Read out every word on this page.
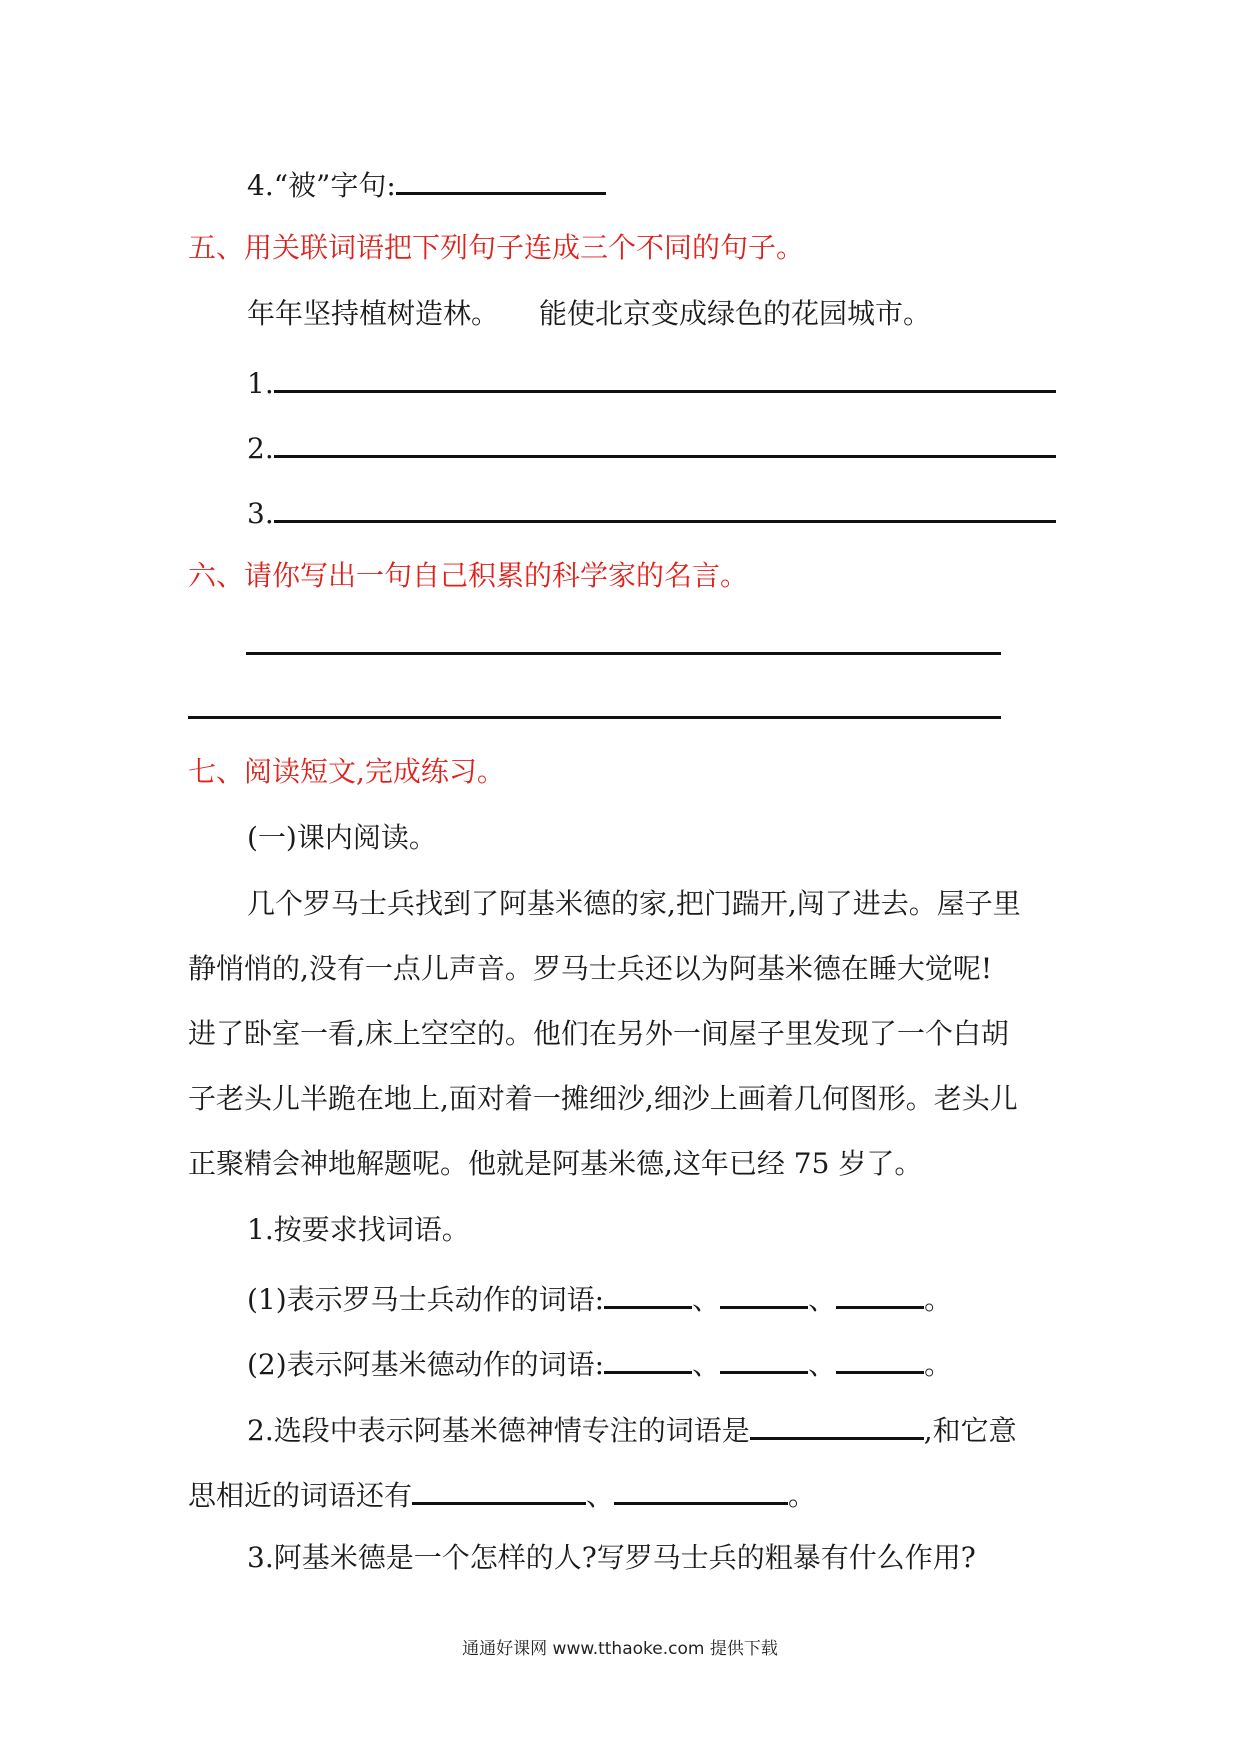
4.“被”字句:
五、用关联词语把下列句子连成三个不同的句子。
年年坚持植树造林。 能使北京变成绿色的花园城市。
1.
2.
3.
六、请你写出一句自己积累的科学家的名言。
七、阅读短文,完成练习。
(一)课内阅读。
几个罗马士兵找到了阿基米德的家,把门踹开,闯了进去。屋子里
静悄悄的,没有一点儿声音。罗马士兵还以为阿基米德在睡大觉呢!
进了卧室一看,床上空空的。他们在另外一间屋子里发现了一个白胡
子老头儿半跪在地上,面对着一摊细沙,细沙上画着几何图形。老头儿
正聚精会神地解题呢。他就是阿基米德,这年已经 75 岁了。
1.按要求找词语。
(1)表示罗马士兵动作的词语:	、	、	。
(2)表示阿基米德动作的词语:	、	、	。
2.选段中表示阿基米德神情专注的词语是	,和它意
思相近的词语还有	、	。
3.阿基米德是一个怎样的人?写罗马士兵的粗暴有什么作用?
通通好课网 www.tthaoke.com 提供下载
